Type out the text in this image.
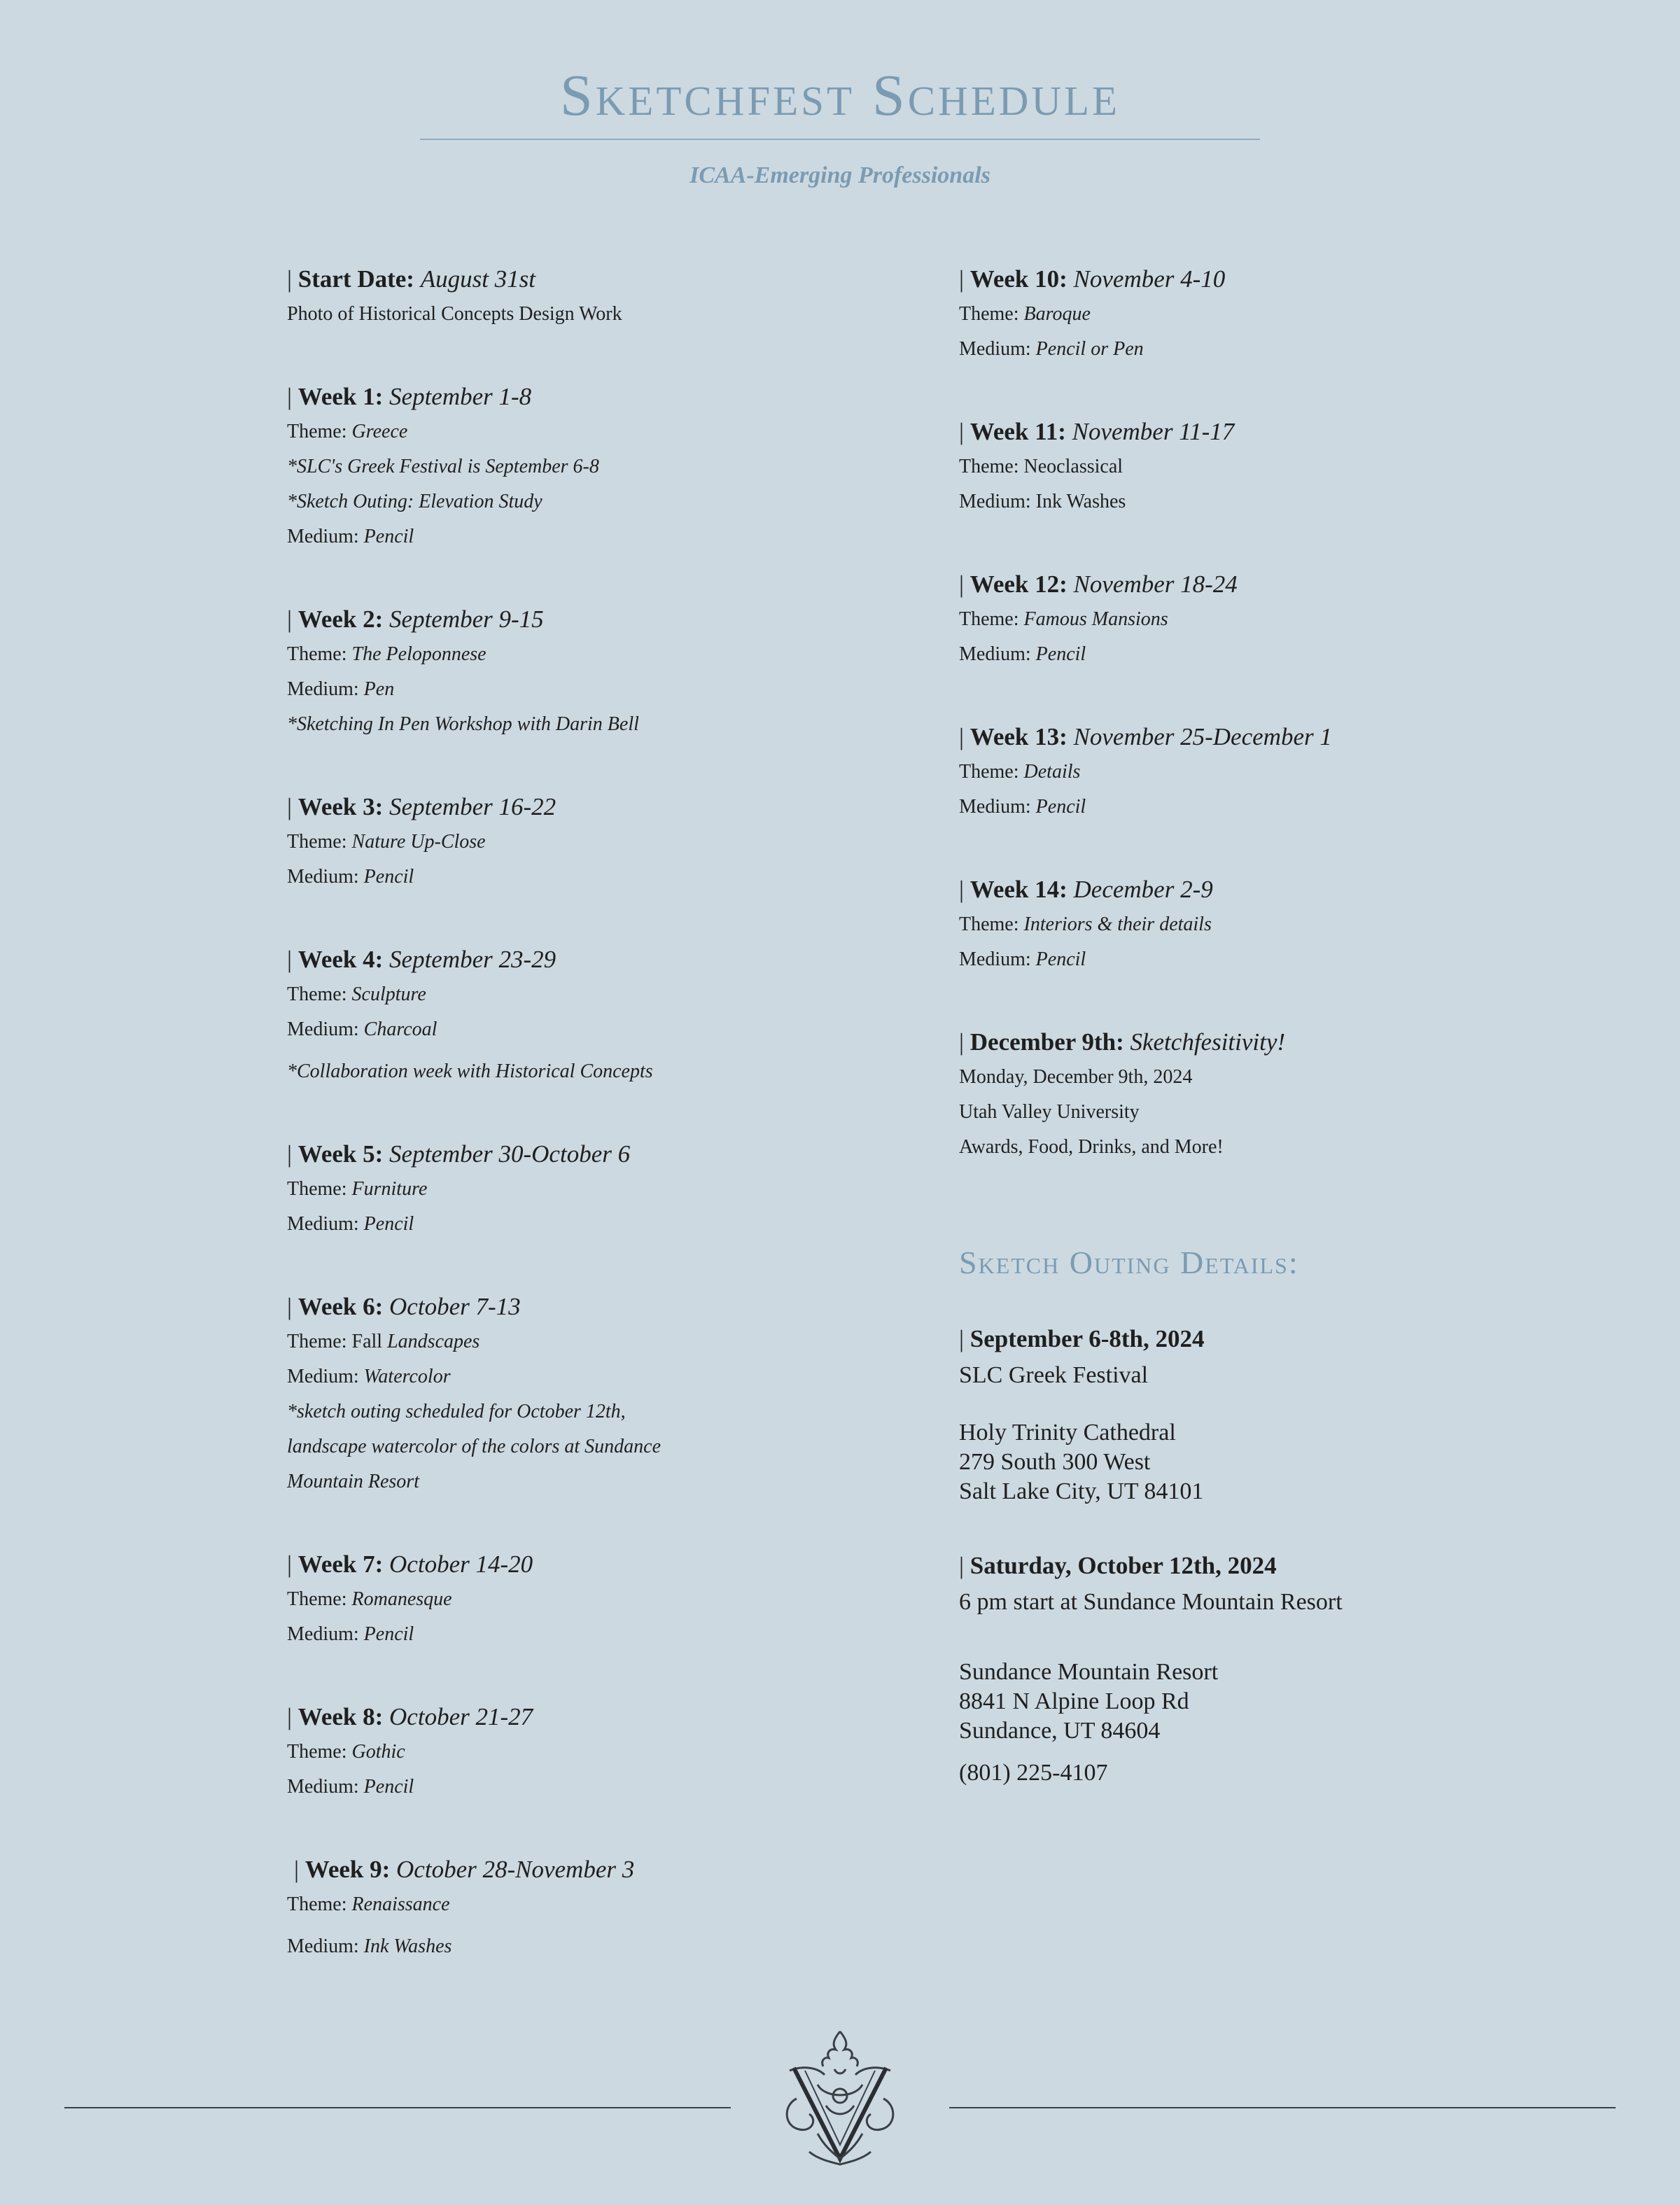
Sketchfest Schedule
ICAA-Emerging Professionals

| Start Date: August 31st

Photo of Historical Concepts Design Work

| Week 1: September 1-8

Theme: Greece

*SLC's Greek Festival is September 6-8

*Sketch Outing: Elevation Study

Medium: Pencil

| Week 2: September 9-15

Theme: The Peloponnese

Medium: Pen

*Sketching In Pen Workshop with Darin Bell

| Week 3: September 16-22

Theme: Nature Up-Close

Medium: Pencil

| Week 4: September 23-29

Theme: Sculpture

Medium: Charcoal

*Collaboration week with Historical Concepts

| Week 5: September 30-October 6

Theme: Furniture

Medium: Pencil

| Week 6: October 7-13

Theme: Fall Landscapes

Medium: Watercolor

*sketch outing scheduled for October 12th,

landscape watercolor of the colors at Sundance

Mountain Resort

| Week 7: October 14-20

Theme: Romanesque

Medium: Pencil

| Week 8: October 21-27

Theme: Gothic

Medium: Pencil

| Week 9: October 28-November 3

Theme: Renaissance

Medium: Ink Washes

| Week 10: November 4-10

Theme: Baroque

Medium: Pencil or Pen

| Week 11: November 11-17

Theme: Neoclassical

Medium: Ink Washes

| Week 12: November 18-24

Theme: Famous Mansions

Medium: Pencil

| Week 13: November 25-December 1

Theme: Details

Medium: Pencil

| Week 14: December 2-9

Theme: Interiors & their details

Medium: Pencil

| December 9th: Sketchfesitivity!

Monday, December 9th, 2024

Utah Valley University

Awards, Food, Drinks, and More!

Sketch Outing Details:

| September 6-8th, 2024

SLC Greek Festival

Holy Trinity Cathedral

279 South 300 West

Salt Lake City, UT 84101

| Saturday, October 12th, 2024

6 pm start at Sundance Mountain Resort

Sundance Mountain Resort

8841 N Alpine Loop Rd

Sundance, UT 84604

(801) 225-4107
